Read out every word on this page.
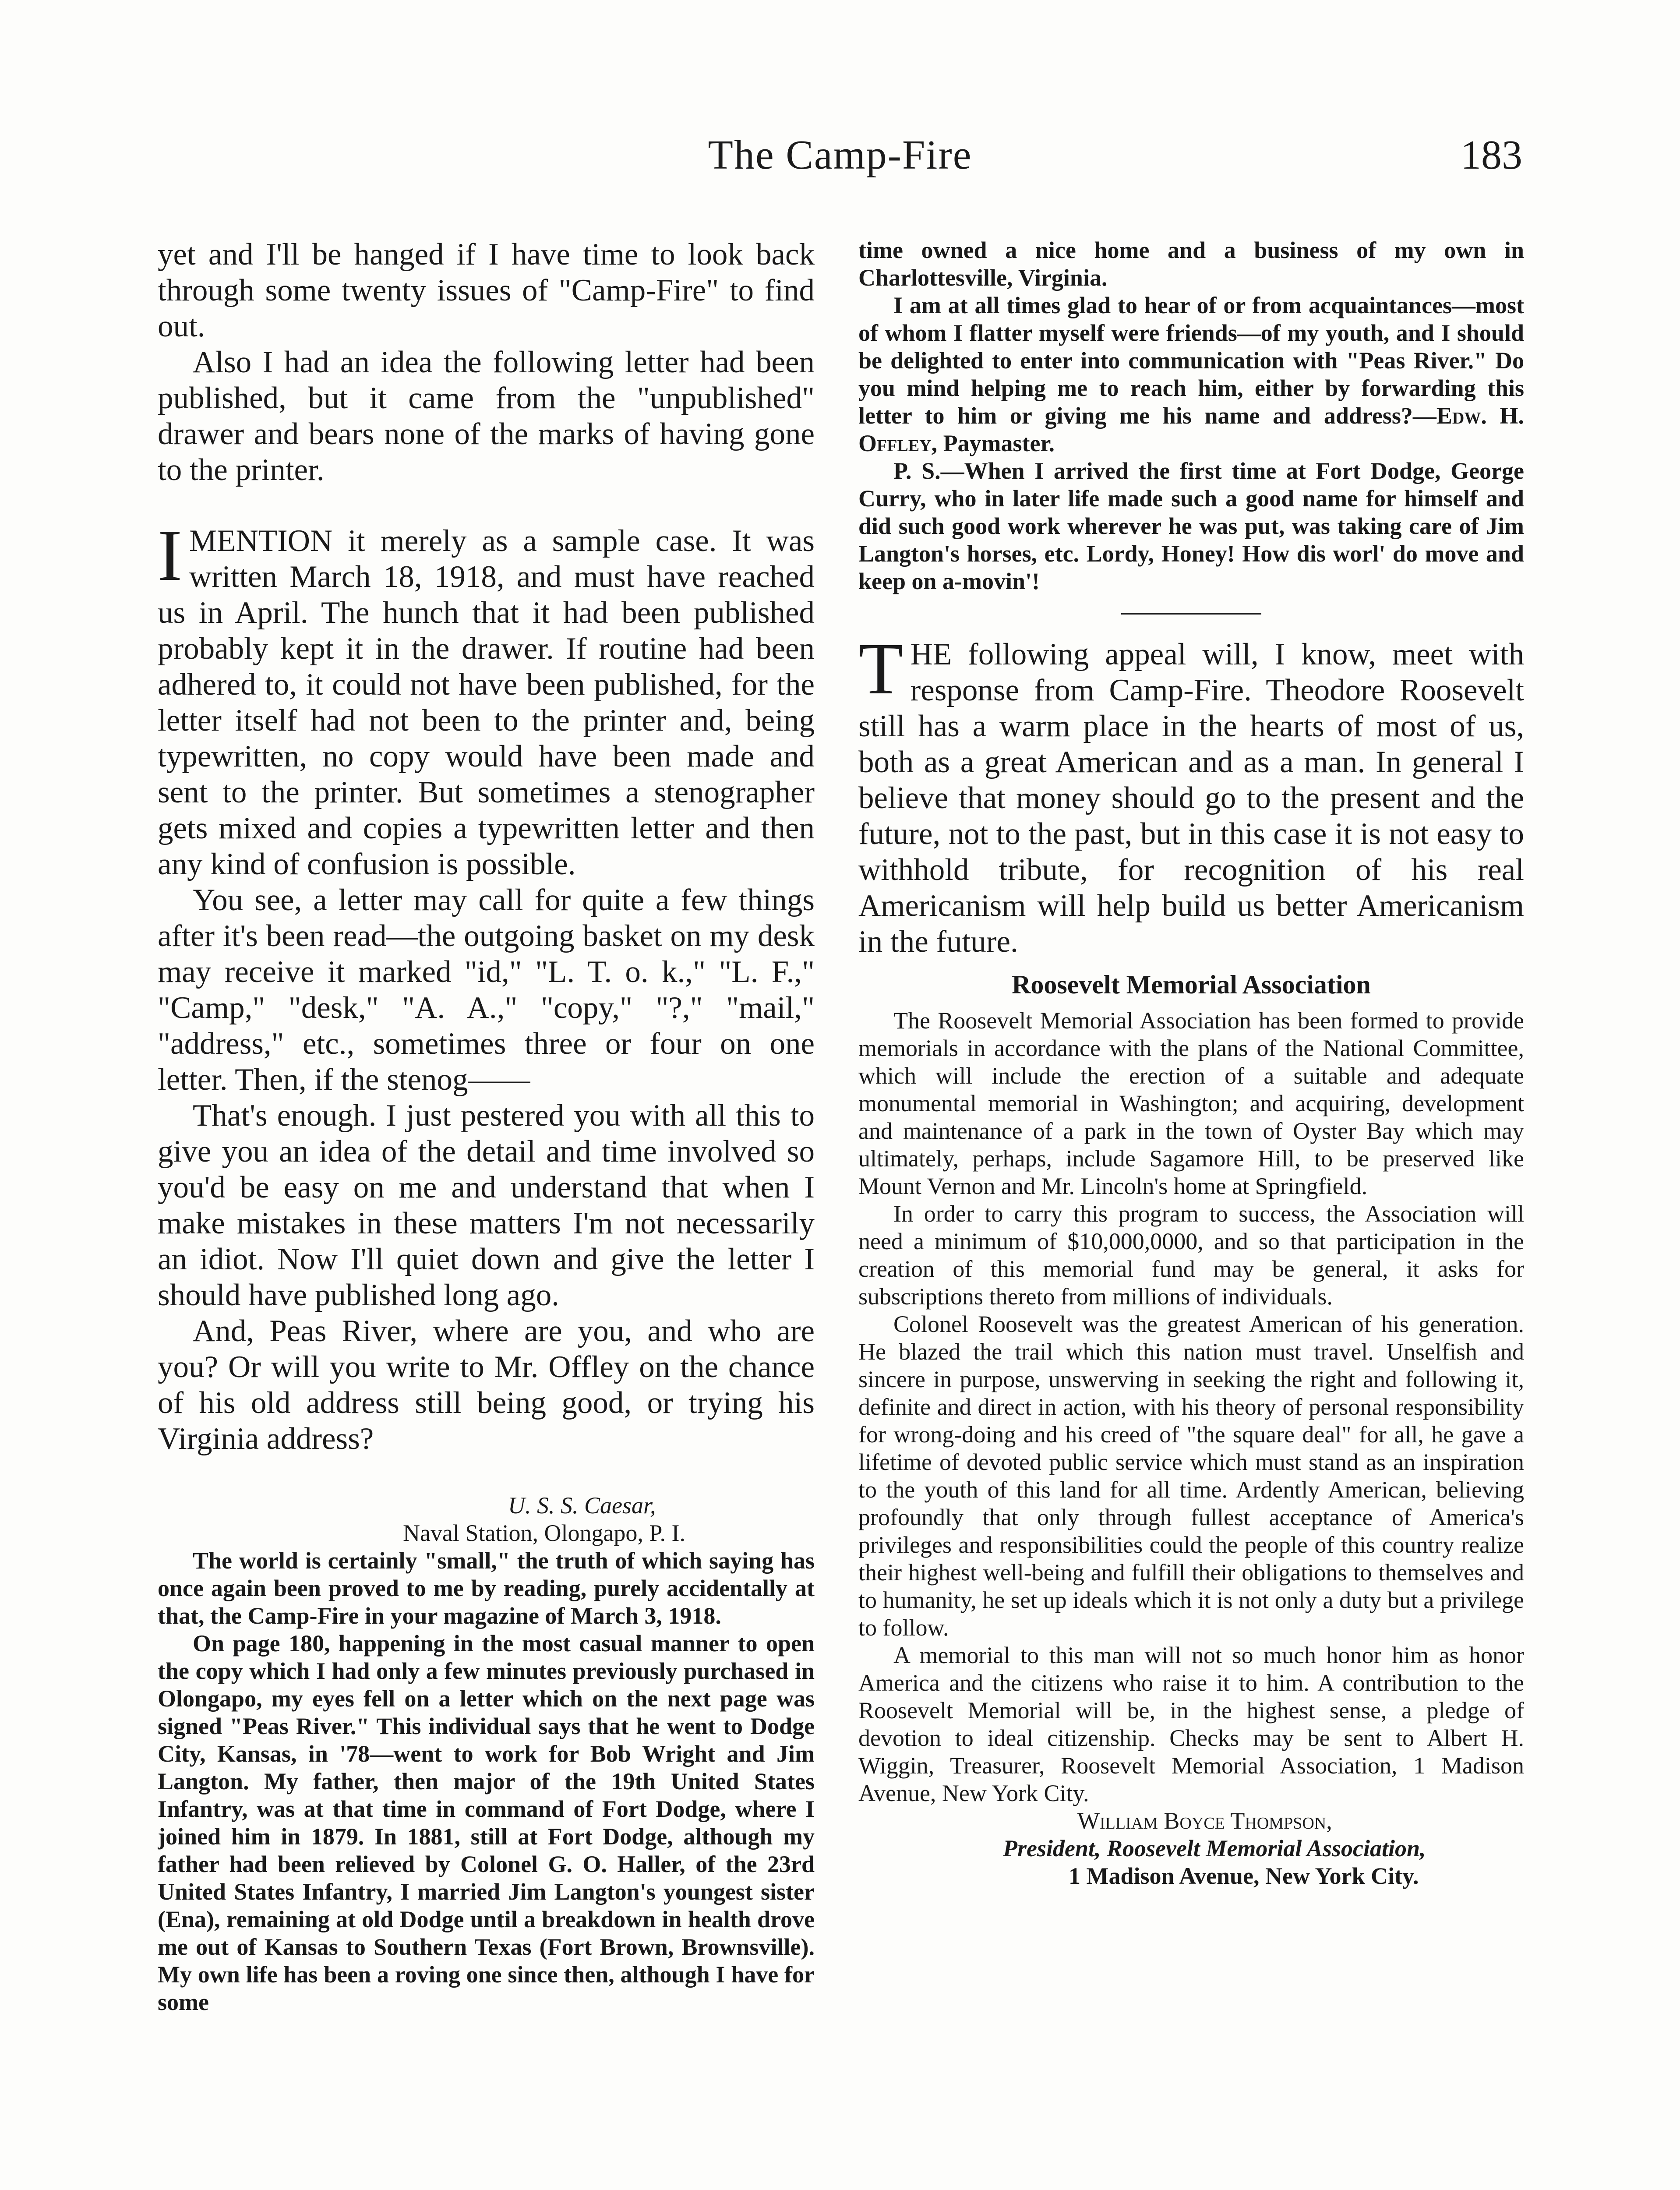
The Camp-Fire	183

yet and I'll be hanged if I have time to look back through some twenty issues of "Camp-Fire" to find out.

Also I had an idea the following letter had been published, but it came from the "unpublished" drawer and bears none of the marks of having gone to the printer.

IMENTION it merely as a sample case. It was written March 18, 1918, and must have reached us in April. The hunch that it had been published probably kept it in the drawer. If routine had been adhered to, it could not have been published, for the letter itself had not been to the printer and, being typewritten, no copy would have been made and sent to the printer. But sometimes a stenographer gets mixed and copies a typewritten letter and then any kind of confusion is possible.

You see, a letter may call for quite a few things after it's been read—the outgoing basket on my desk may receive it marked "id," "L. T. o. k.," "L. F.," "Camp," "desk," "A. A.," "copy," "?," "mail," "address," etc., sometimes three or four on one letter. Then, if the stenog——

That's enough. I just pestered you with all this to give you an idea of the detail and time involved so you'd be easy on me and understand that when I make mistakes in these matters I'm not necessarily an idiot. Now I'll quiet down and give the letter I should have published long ago.

And, Peas River, where are you, and who are you? Or will you write to Mr. Offley on the chance of his old address still being good, or trying his Virginia address?

U. S. S. Caesar,

Naval Station, Olongapo, P. I.

The world is certainly "small," the truth of which saying has once again been proved to me by reading, purely accidentally at that, the Camp-Fire in your magazine of March 3, 1918.

On page 180, happening in the most casual manner to open the copy which I had only a few minutes previously purchased in Olongapo, my eyes fell on a letter which on the next page was signed "Peas River." This individual says that he went to Dodge City, Kansas, in '78—went to work for Bob Wright and Jim Langton. My father, then major of the 19th United States Infantry, was at that time in command of Fort Dodge, where I joined him in 1879. In 1881, still at Fort Dodge, although my father had been relieved by Colonel G. O. Haller, of the 23rd United States Infantry, I married Jim Langton's youngest sister (Ena), remaining at old Dodge until a breakdown in health drove me out of Kansas to Southern Texas (Fort Brown, Brownsville). My own life has been a roving one since then, although I have for some

time owned a nice home and a business of my own in Charlottesville, Virginia.

I am at all times glad to hear of or from acquaintances—most of whom I flatter myself were friends—of my youth, and I should be delighted to enter into communication with "Peas River." Do you mind helping me to reach him, either by forwarding this letter to him or giving me his name and address?—Edw. H. Offley, Paymaster.

P. S.—When I arrived the first time at Fort Dodge, George Curry, who in later life made such a good name for himself and did such good work wherever he was put, was taking care of Jim Langton's horses, etc. Lordy, Honey! How dis worl' do move and keep on a-movin'!

THE following appeal will, I know, meet with response from Camp-Fire. Theodore Roosevelt still has a warm place in the hearts of most of us, both as a great American and as a man. In general I believe that money should go to the present and the future, not to the past, but in this case it is not easy to withhold tribute, for recognition of his real Americanism will help build us better Americanism in the future.

Roosevelt Memorial Association

The Roosevelt Memorial Association has been formed to provide memorials in accordance with the plans of the National Committee, which will include the erection of a suitable and adequate monumental memorial in Washington; and acquiring, development and maintenance of a park in the town of Oyster Bay which may ultimately, perhaps, include Sagamore Hill, to be preserved like Mount Vernon and Mr. Lincoln's home at Springfield.

In order to carry this program to success, the Association will need a minimum of $10,000,0000, and so that participation in the creation of this memorial fund may be general, it asks for subscriptions thereto from millions of individuals.

Colonel Roosevelt was the greatest American of his generation. He blazed the trail which this nation must travel. Unselfish and sincere in purpose, unswerving in seeking the right and following it, definite and direct in action, with his theory of personal responsibility for wrong-doing and his creed of "the square deal" for all, he gave a lifetime of devoted public service which must stand as an inspiration to the youth of this land for all time. Ardently American, believing profoundly that only through fullest acceptance of America's privileges and responsibilities could the people of this country realize their highest well-being and fulfill their obligations to themselves and to humanity, he set up ideals which it is not only a duty but a privilege to follow.

A memorial to this man will not so much honor him as honor America and the citizens who raise it to him. A contribution to the Roosevelt Memorial will be, in the highest sense, a pledge of devotion to ideal citizenship. Checks may be sent to Albert H. Wiggin, Treasurer, Roosevelt Memorial Association, 1 Madison Avenue, New York City.

William Boyce Thompson,

President, Roosevelt Memorial Association,

1 Madison Avenue, New York City.
